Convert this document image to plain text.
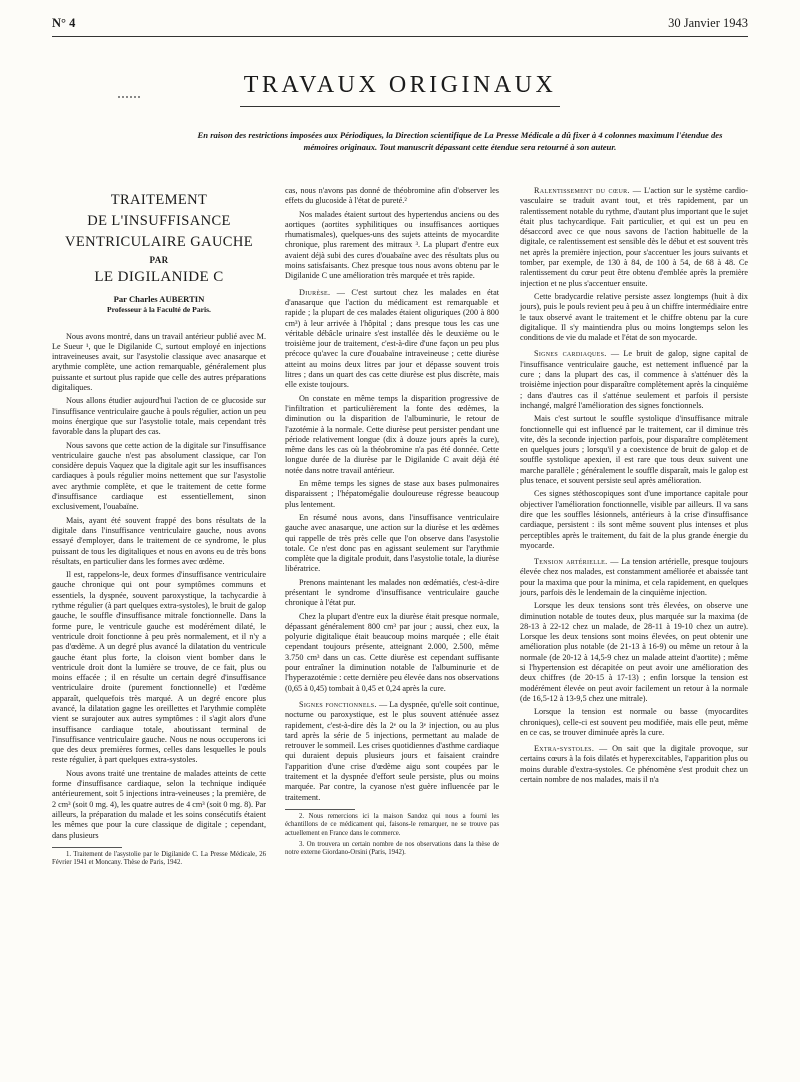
N° 4	30 Janvier 1943
TRAVAUX ORIGINAUX
En raison des restrictions imposées aux Périodiques, la Direction scientifique de La Presse Médicale a dû fixer à 4 colonnes maximum l'étendue des mémoires originaux. Tout manuscrit dépassant cette étendue sera retourné à son auteur.
TRAITEMENT
DE L'INSUFFISANCE
VENTRICULAIRE GAUCHE
PAR
LE DIGILANIDE C
Par Charles AUBERTIN
Professeur à la Faculté de Paris.

Nous avons montré, dans un travail antérieur publié avec M. Le Sueur ¹, que le Digilanide C, surtout employé en injections intraveineuses avait, sur l'asystolie classique avec anasarque et arythmie complète, une action remarquable, généralement plus puissante et surtout plus rapide que celle des autres préparations digitaliques.

Nous allons étudier aujourd'hui l'action de ce glucoside sur l'insuffisance ventriculaire gauche à pouls régulier, action un peu moins énergique que sur l'asystolie totale, mais cependant très favorable dans la plupart des cas.

Nous savons que cette action de la digitale sur l'insuffisance ventriculaire gauche n'est pas absolument classique, car l'on considère depuis Vaquez que la digitale agit sur les insuffisances cardiaques à pouls régulier moins nettement que sur l'asystolie avec arythmie complète, et que le traitement de cette forme d'insuffisance cardiaque est essentiellement, sinon exclusivement, l'ouabaïne.

Mais, ayant été souvent frappé des bons résultats de la digitale dans l'insuffisance ventriculaire gauche, nous avons essayé d'employer, dans le traitement de ce syndrome, le plus puissant de tous les digitaliques et nous en avons eu de très bons résultats, en particulier dans les formes avec œdème.

Il est, rappelons-le, deux formes d'insuffisance ventriculaire gauche chronique qui ont pour symptômes communs et essentiels, la dyspnée, souvent paroxystique, la tachycardie à rythme régulier (à part quelques extra-systoles), le bruit de galop gauche, le souffle d'insuffisance mitrale fonctionnelle. Dans la forme pure, le ventricule gauche est modérément dilaté, le ventricule droit fonctionne à peu près normalement, et il n'y a pas d'œdème. A un degré plus avancé la dilatation du ventricule gauche étant plus forte, la cloison vient bomber dans le ventricule droit dont la lumière se trouve, de ce fait, plus ou moins effacée ; il en résulte un certain degré d'insuffisance ventriculaire droite (purement fonctionnelle) et l'œdème apparaît, quelquefois très marqué. A un degré encore plus avancé, la dilatation gagne les oreillettes et l'arythmie complète vient se surajouter aux autres symptômes : il s'agit alors d'une insuffisance cardiaque totale, aboutissant terminal de l'insuffisance ventriculaire gauche. Nous ne nous occuperons ici que des deux premières formes, celles dans lesquelles le pouls reste régulier, à part quelques extra-systoles.

Nous avons traité une trentaine de malades atteints de cette forme d'insuffisance cardiaque, selon la technique indiquée antérieurement, soit 5 injections intra-veineuses ; la première, de 2 cm³ (soit 0 mg. 4), les quatre autres de 4 cm³ (soit 0 mg. 8). Par ailleurs, la préparation du malade et les soins consécutifs étaient les mêmes que pour la cure classique de digitale ; cependant, dans plusieurs

1. Traitement de l'asystolie par le Digilanide C. La Presse Médicale, 26 Février 1941 et Moncany. Thèse de Paris, 1942.

cas, nous n'avons pas donné de théobromine afin d'observer les effets du glucoside à l'état de pureté.²

Nos malades étaient surtout des hypertendus anciens ou des aortiques (aortites syphilitiques ou insuffisances aortiques rhumatismales), quelques-uns des sujets atteints de myocardite chronique, plus rarement des mitraux ³. La plupart d'entre eux avaient déjà subi des cures d'ouabaïne avec des résultats plus ou moins satisfaisants. Chez presque tous nous avons obtenu par le Digilanide C une amélioration très marquée et très rapide.

Diurèse. — C'est surtout chez les malades en état d'anasarque que l'action du médicament est remarquable et rapide ; la plupart de ces malades étaient oliguriques (200 à 800 cm³) à leur arrivée à l'hôpital ; dans presque tous les cas une véritable débâcle urinaire s'est installée dès le deuxième ou le troisième jour de traitement, c'est-à-dire d'une façon un peu plus précoce qu'avec la cure d'ouabaïne intraveineuse ; cette diurèse atteint au moins deux litres par jour et dépasse souvent trois litres ; dans un quart des cas cette diurèse est plus discrète, mais elle existe toujours.

On constate en même temps la disparition progressive de l'infiltration et particulièrement la fonte des œdèmes, la diminution ou la disparition de l'albuminurie, le retour de l'azotémie à la normale. Cette diurèse peut persister pendant une période relativement longue (dix à douze jours après la cure), même dans les cas où la théobromine n'a pas été donnée. Cette longue durée de la diurèse par le Digilanide C avait déjà été notée dans notre travail antérieur.

En même temps les signes de stase aux bases pulmonaires disparaissent ; l'hépatomégalie douloureuse régresse beaucoup plus lentement.

En résumé nous avons, dans l'insuffisance ventriculaire gauche avec anasarque, une action sur la diurèse et les œdèmes qui rappelle de très près celle que l'on observe dans l'asystolie totale. Ce n'est donc pas en agissant seulement sur l'arythmie complète que la digitale produit, dans l'asystolie totale, la diurèse libératrice.

Prenons maintenant les malades non œdématiés, c'est-à-dire présentant le syndrome d'insuffisance ventriculaire gauche chronique à l'état pur.

Chez la plupart d'entre eux la diurèse était presque normale, dépassant généralement 800 cm³ par jour ; aussi, chez eux, la polyurie digitalique était beaucoup moins marquée ; elle était cependant toujours présente, atteignant 2.000, 2.500, même 3.750 cm³ dans un cas. Cette diurèse est cependant suffisante pour entraîner la diminution notable de l'albuminurie et de l'hyperazotémie : cette dernière peu élevée dans nos observations (0,65 à 0,45) tombait à 0,45 et 0,24 après la cure.

Signes fonctionnels. — La dyspnée, qu'elle soit continue, nocturne ou paroxystique, est le plus souvent atténuée assez rapidement, c'est-à-dire dès la 2ᵉ ou la 3ᵉ injection, ou au plus tard après la série de 5 injections, permettant au malade de retrouver le sommeil. Les crises quotidiennes d'asthme cardiaque qui duraient depuis plusieurs jours et faisaient craindre l'apparition d'une crise d'œdème aigu sont coupées par le traitement et la dyspnée d'effort seule persiste, plus ou moins marquée. Par contre, la cyanose n'est guère influencée par le traitement.

2. Nous remercions ici la maison Sandoz qui nous a fourni les échantillons de ce médicament qui, faisons-le remarquer, ne se trouve pas actuellement en France dans le commerce.

3. On trouvera un certain nombre de nos observations dans la thèse de notre externe Giordano-Orsini (Paris, 1942).

Ralentissement du cœur. — L'action sur le système cardio-vasculaire se traduit avant tout, et très rapidement, par un ralentissement notable du rythme, d'autant plus important que le sujet était plus tachycardique. Fait particulier, et qui est un peu en désaccord avec ce que nous savons de l'action habituelle de la digitale, ce ralentissement est sensible dès le début et est souvent très net après la première injection, pour s'accentuer les jours suivants et tomber, par exemple, de 130 à 84, de 100 à 54, de 68 à 48. Ce ralentissement du cœur peut être obtenu d'emblée après la première injection et ne plus s'accentuer ensuite.

Cette bradycardie relative persiste assez longtemps (huit à dix jours), puis le pouls revient peu à peu à un chiffre intermédiaire entre le taux observé avant le traitement et le chiffre obtenu par la cure digitalique. Il s'y maintiendra plus ou moins longtemps selon les conditions de vie du malade et l'état de son myocarde.

Signes cardiaques. — Le bruit de galop, signe capital de l'insuffisance ventriculaire gauche, est nettement influencé par la cure ; dans la plupart des cas, il commence à s'atténuer dès la troisième injection pour disparaître complètement après la cinquième ; dans d'autres cas il s'atténue seulement et parfois il persiste inchangé, malgré l'amélioration des signes fonctionnels.

Mais c'est surtout le souffle systolique d'insuffisance mitrale fonctionnelle qui est influencé par le traitement, car il diminue très vite, dès la seconde injection parfois, pour disparaître complètement en quelques jours ; lorsqu'il y a coexistence de bruit de galop et de souffle systolique apexien, il est rare que tous deux suivent une marche parallèle ; généralement le souffle disparaît, mais le galop est plus tenace, et souvent persiste seul après amélioration.

Ces signes stéthoscopiques sont d'une importance capitale pour objectiver l'amélioration fonctionnelle, visible par ailleurs. Il va sans dire que les souffles lésionnels, antérieurs à la crise d'insuffisance cardiaque, persistent : ils sont même souvent plus intenses et plus perceptibles après le traitement, du fait de la plus grande énergie du myocarde.

Tension artérielle. — La tension artérielle, presque toujours élevée chez nos malades, est constamment améliorée et abaissée tant pour la maxima que pour la minima, et cela rapidement, en quelques jours, parfois dès le lendemain de la cinquième injection.

Lorsque les deux tensions sont très élevées, on observe une diminution notable de toutes deux, plus marquée sur la maxima (de 28-13 à 22-12 chez un malade, de 28-11 à 19-10 chez un autre). Lorsque les deux tensions sont moins élevées, on peut obtenir une amélioration plus notable (de 21-13 à 16-9) ou même un retour à la normale (de 20-12 à 14,5-9 chez un malade atteint d'aortite) ; même si l'hypertension est décapitée on peut avoir une amélioration des deux chiffres (de 20-15 à 17-13) ; enfin lorsque la tension est modérément élevée on peut avoir facilement un retour à la normale (de 16,5-12 à 13-9,5 chez une mitrale).

Lorsque la tension est normale ou basse (myocardites chroniques), celle-ci est souvent peu modifiée, mais elle peut, même en ce cas, se trouver diminuée après la cure.

Extra-systoles. — On sait que la digitale provoque, sur certains cœurs à la fois dilatés et hyperexcitables, l'apparition plus ou moins durable d'extra-systoles. Ce phénomène s'est produit chez un certain nombre de nos malades, mais il n'a
